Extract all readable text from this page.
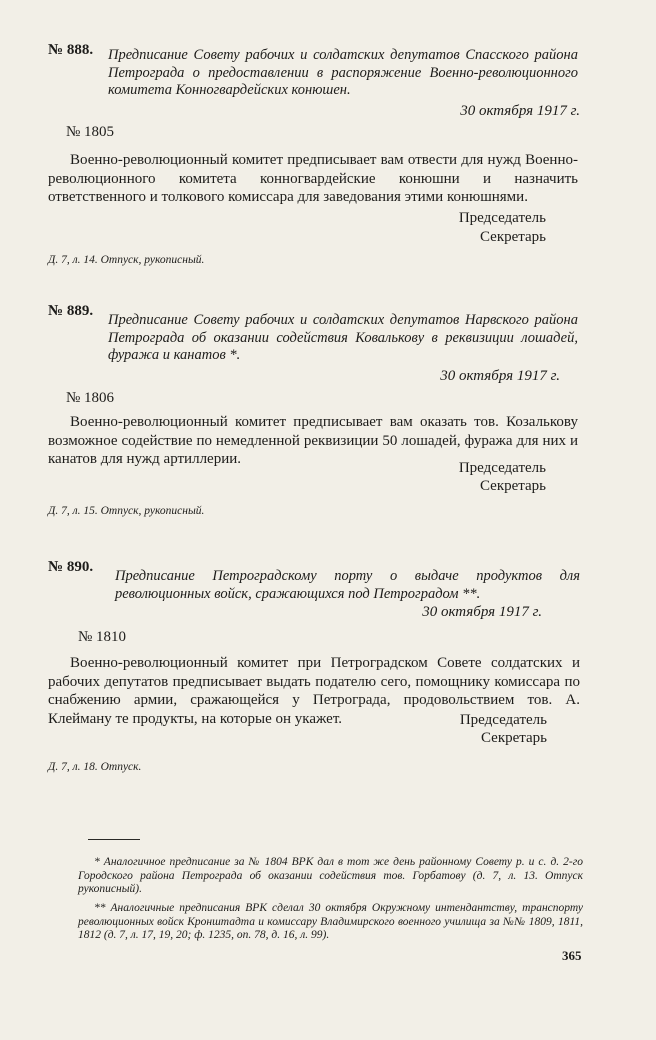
№ 888. Предписание Совету рабочих и солдатских депутатов Спасского района Петрограда о предоставлении в распоряжение Военно-революционного комитета Конногвардейских конюшен.
30 октября 1917 г.
№ 1805
Военно-революционный комитет предписывает вам отвести для нужд Военно-революционного комитета конногвардейские конюшни и назначить ответственного и толкового комиссара для заведования этими конюшнями.
Председатель
Секретарь
Д. 7, л. 14. Отпуск, рукописный.
№ 889.
Предписание Совету рабочих и солдатских депутатов Нарвского района Петрограда об оказании содействия Ковалькову в реквизиции лошадей, фуража и канатов *.
30 октября 1917 г.
№ 1806
Военно-революционный комитет предписывает вам оказать тов. Козалькову возможное содействие по немедленной реквизиции 50 лошадей, фуража для них и канатов для нужд артиллерии.
Председатель
Секретарь
Д. 7, л. 15. Отпуск, рукописный.
№ 890.
Предписание Петроградскому порту о выдаче продуктов для революционных войск, сражающихся под Петроградом **.
30 октября 1917 г.
№ 1810
Военно-революционный комитет при Петроградском Совете солдатских и рабочих депутатов предписывает выдать подателю сего, помощнику комиссара по снабжению армии, сражающейся у Петрограда, продовольствием тов. А. Клейману те продукты, на которые он укажет.	Председатель
Секретарь
Д. 7, л. 18. Отпуск.
* Аналогичное предписание за № 1804 ВРК дал в тот же день районному Совету р. и с. д. 2-го Городского района Петрограда об оказании содействия тов. Горбатову (д. 7, л. 13. Отпуск рукописный).
** Аналогичные предписания ВРК сделал 30 октября Окружному интендантству, транспорту революционных войск Кронштадта и комиссару Владимирского военного училища за №№ 1809, 1811, 1812 (д. 7, л. 17, 19, 20; ф. 1235, оп. 78, д. 16, л. 99).
365
